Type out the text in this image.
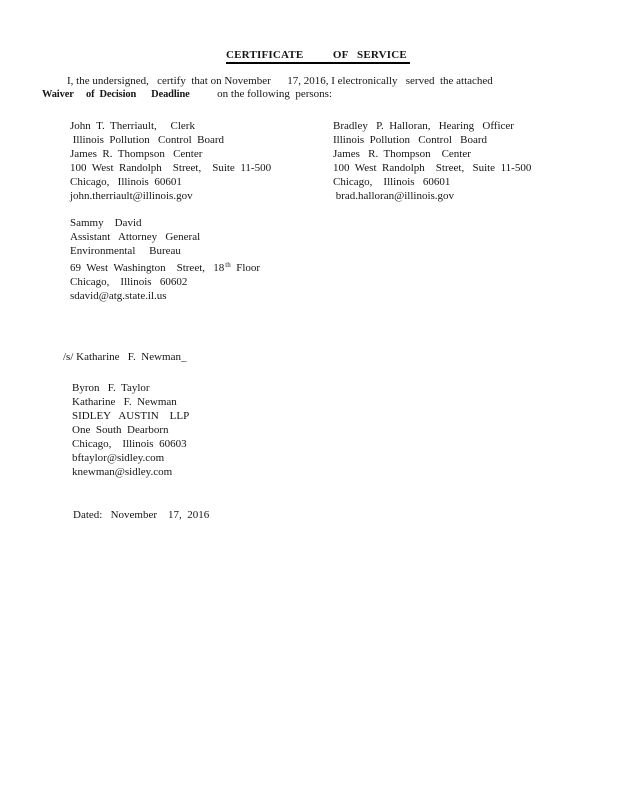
CERTIFICATE          OF   SERVICE
I, the undersigned,   certify  that on November      17, 2016, I electronically   served  the attached
Waiver     of  Decision      Deadline          on the following  persons:
John  T.  Therriault,     Clerk
Illinois  Pollution   Control  Board
James  R.  Thompson   Center
100  West  Randolph    Street,    Suite  11-500
Chicago,   Illinois  60601
john.therriault@illinois.gov
Bradley   P.  Halloran,   Hearing   Officer
Illinois  Pollution   Control   Board
James   R.  Thompson    Center
100  West  Randolph    Street,   Suite  11-500
Chicago,    Illinois   60601
brad.halloran@illinois.gov
Sammy    David
Assistant   Attorney   General
Environmental     Bureau
69  West  Washington    Street,   18th  Floor
Chicago,    Illinois   60602
sdavid@atg.state.il.us
/s/ Katharine   F.  Newman_
Byron   F.  Taylor
Katharine   F.  Newman
SIDLEY   AUSTIN    LLP
One  South  Dearborn
Chicago,    Illinois  60603
bftaylor@sidley.com
knewman@sidley.com
Dated:   November    17,  2016
